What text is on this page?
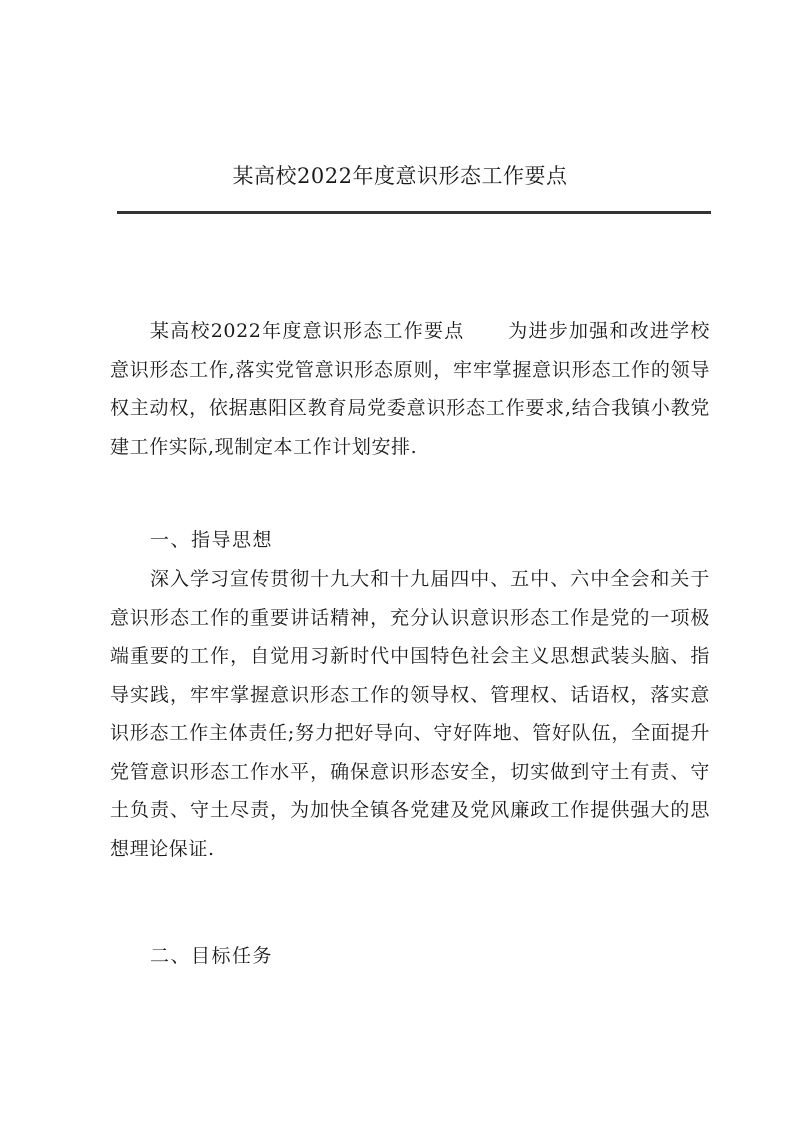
某高校2022年度意识形态工作要点

某高校2022年度意识形态工作要点 为进步加强和改进学校意识形态工作,落实党管意识形态原则，牢牢掌握意识形态工作的领导权主动权，依据惠阳区教育局党委意识形态工作要求,结合我镇小教党建工作实际,现制定本工作计划安排.

一、指导思想

深入学习宣传贯彻十九大和十九届四中、五中、六中全会和关于意识形态工作的重要讲话精神，充分认识意识形态工作是党的一项极端重要的工作，自觉用习新时代中国特色社会主义思想武装头脑、指导实践，牢牢掌握意识形态工作的领导权、管理权、话语权，落实意识形态工作主体责任;努力把好导向、守好阵地、管好队伍，全面提升党管意识形态工作水平，确保意识形态安全，切实做到守土有责、守土负责、守土尽责，为加快全镇各党建及党风廉政工作提供强大的思想理论保证.

二、目标任务
